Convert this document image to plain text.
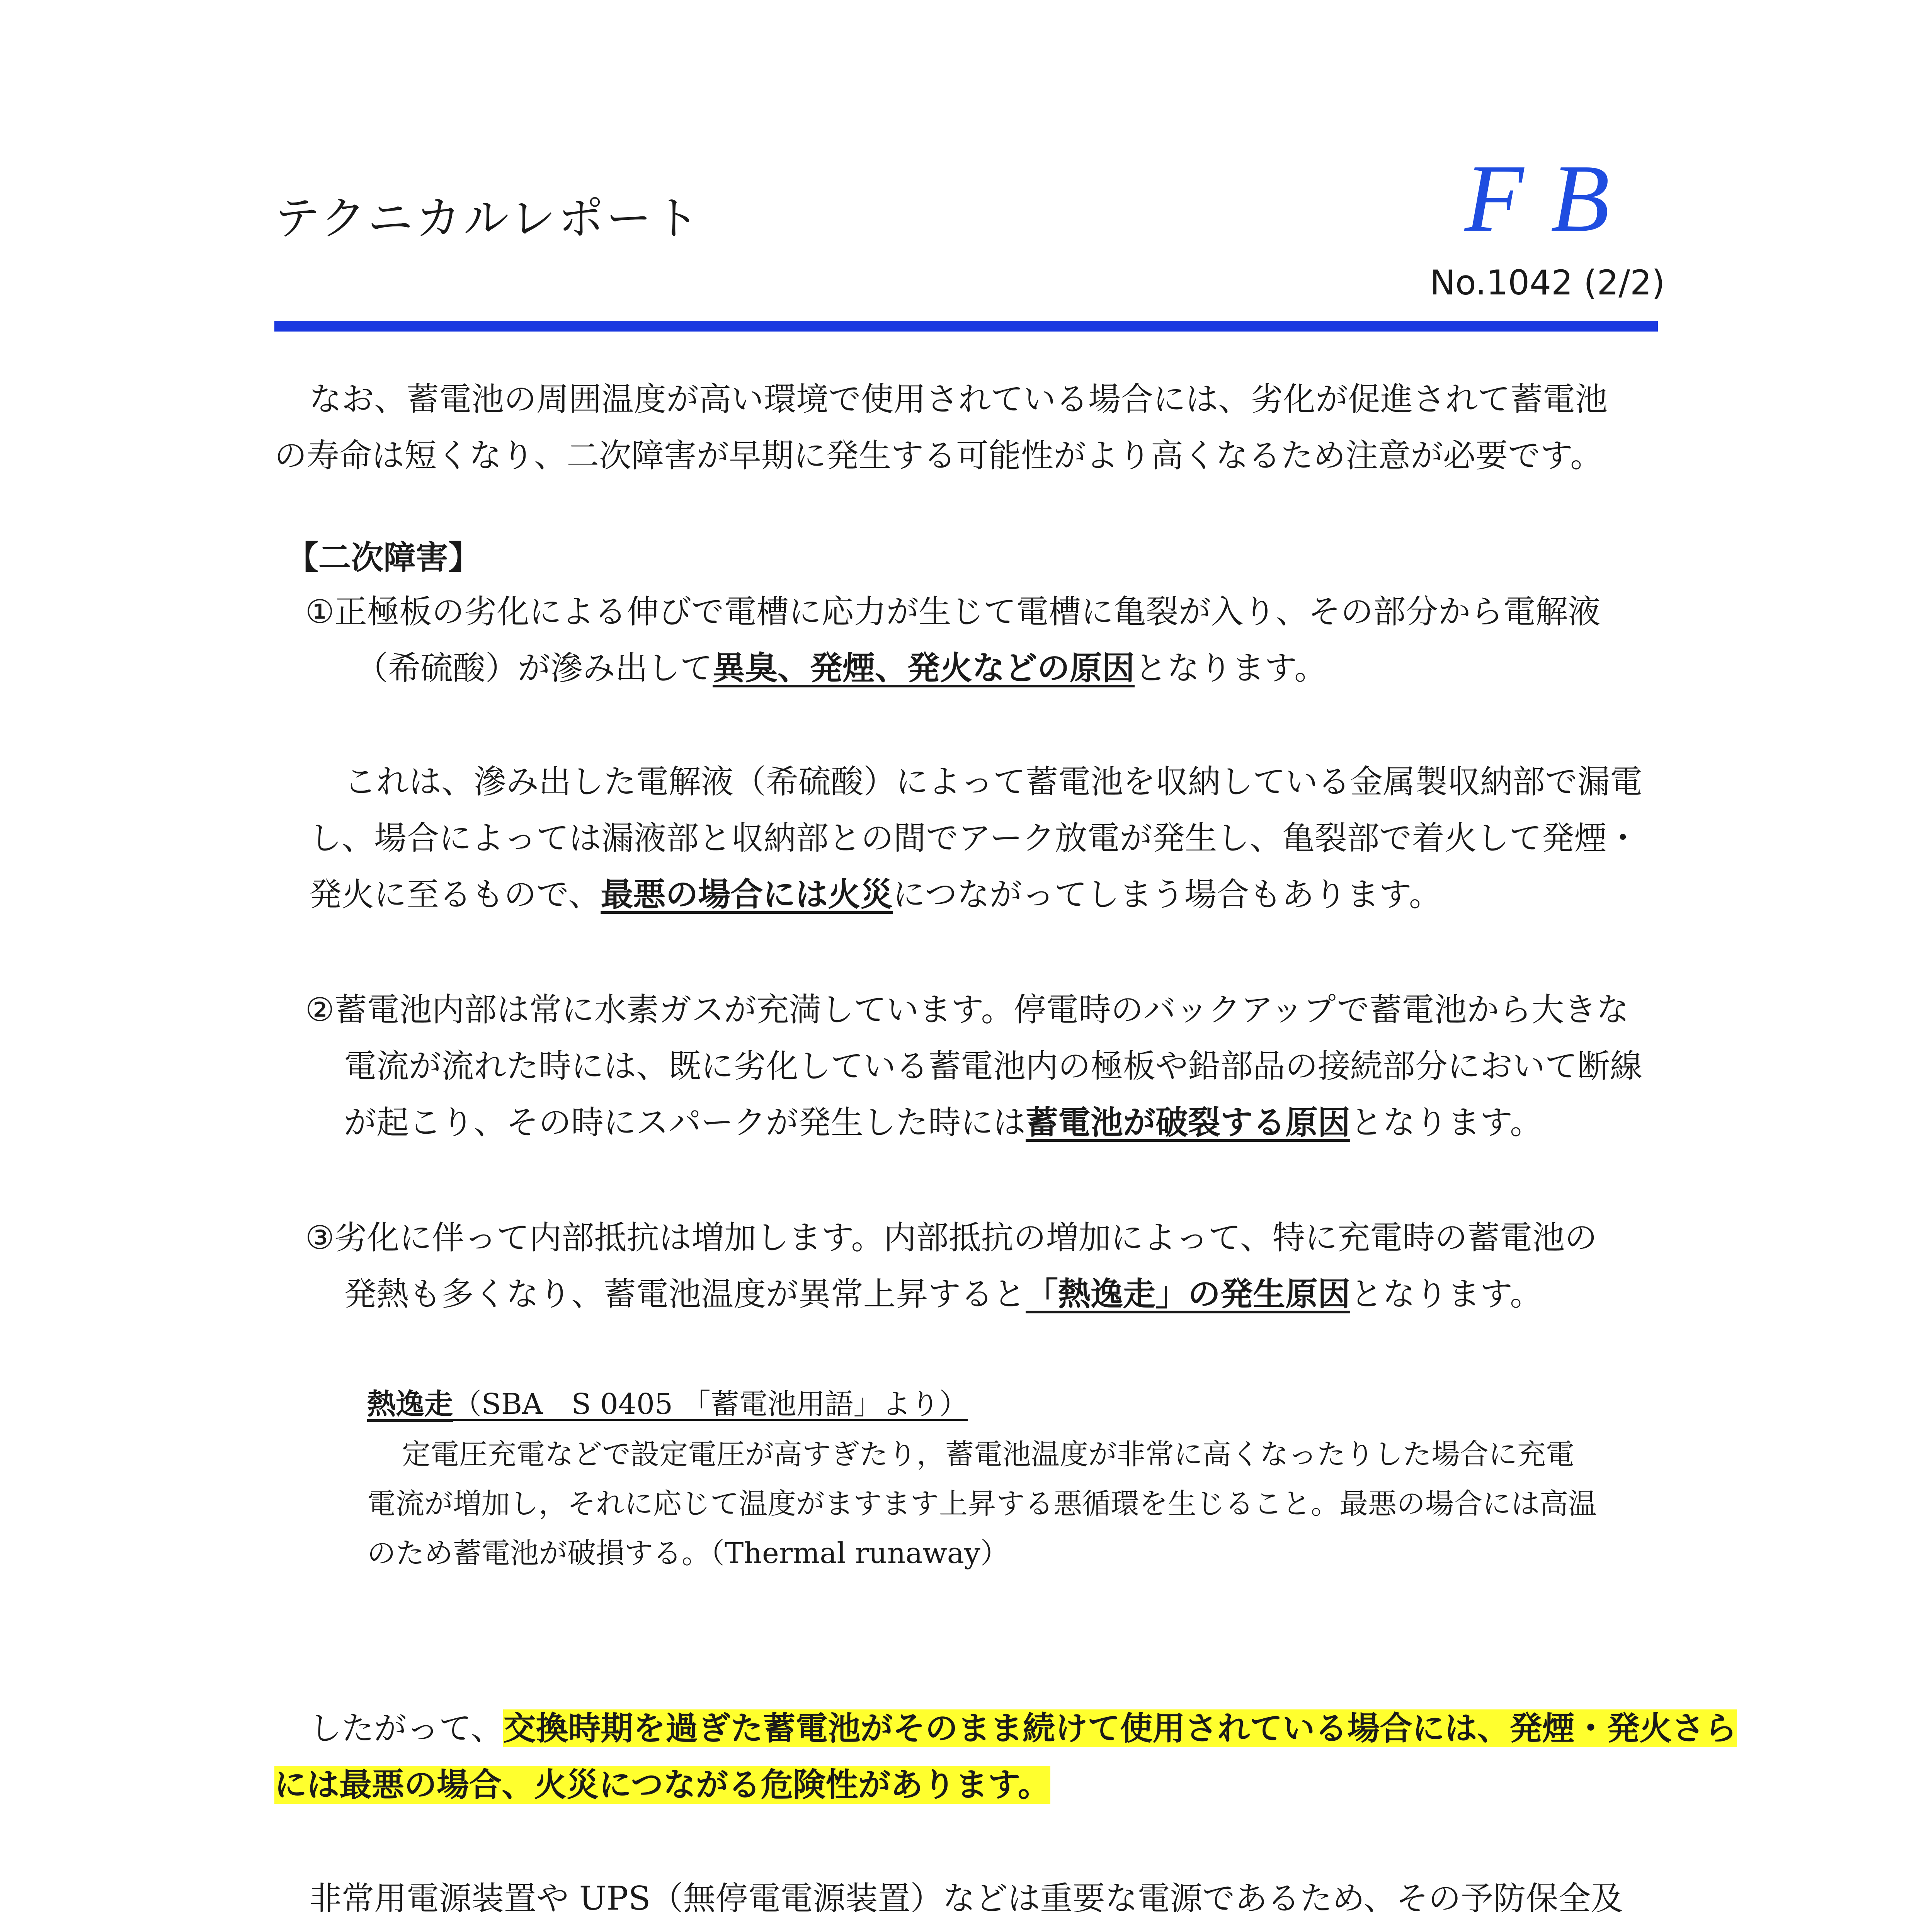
テクニカルレポート	FB
No.1042 (2/2)
なお、蓄電池の周囲温度が高い環境で使用されている場合には、劣化が促進されて蓄電池
の寿命は短くなり、二次障害が早期に発生する可能性がより高くなるため注意が必要です。
【二次障害】
①正極板の劣化による伸びで電槽に応力が生じて電槽に亀裂が入り、その部分から電解液
（希硫酸）が滲み出して異臭、発煙、発火などの原因となります。
これは、滲み出した電解液（希硫酸）によって蓄電池を収納している金属製収納部で漏電
し、場合によっては漏液部と収納部との間でアーク放電が発生し、亀裂部で着火して発煙・
発火に至るもので、最悪の場合には火災につながってしまう場合もあります。
②蓄電池内部は常に水素ガスが充満しています。停電時のバックアップで蓄電池から大きな
電流が流れた時には、既に劣化している蓄電池内の極板や鉛部品の接続部分において断線
が起こり、その時にスパークが発生した時には蓄電池が破裂する原因となります。
③劣化に伴って内部抵抗は増加します。内部抵抗の増加によって、特に充電時の蓄電池の
発熱も多くなり、蓄電池温度が異常上昇すると「熱逸走」の発生原因となります。
熱逸走（SBA　S 0405 「蓄電池用語」より）
定電圧充電などで設定電圧が高すぎたり，蓄電池温度が非常に高くなったりした場合に充電
電流が増加し，それに応じて温度がますます上昇する悪循環を生じること。最悪の場合には高温
のため蓄電池が破損する。（Thermal runaway）
したがって、交換時期を過ぎた蓄電池がそのまま続けて使用されている場合には、発煙・発火さら
には最悪の場合、火災につながる危険性があります。
非常用電源装置や UPS（無停電電源装置）などは重要な電源であるため、その予防保全及
